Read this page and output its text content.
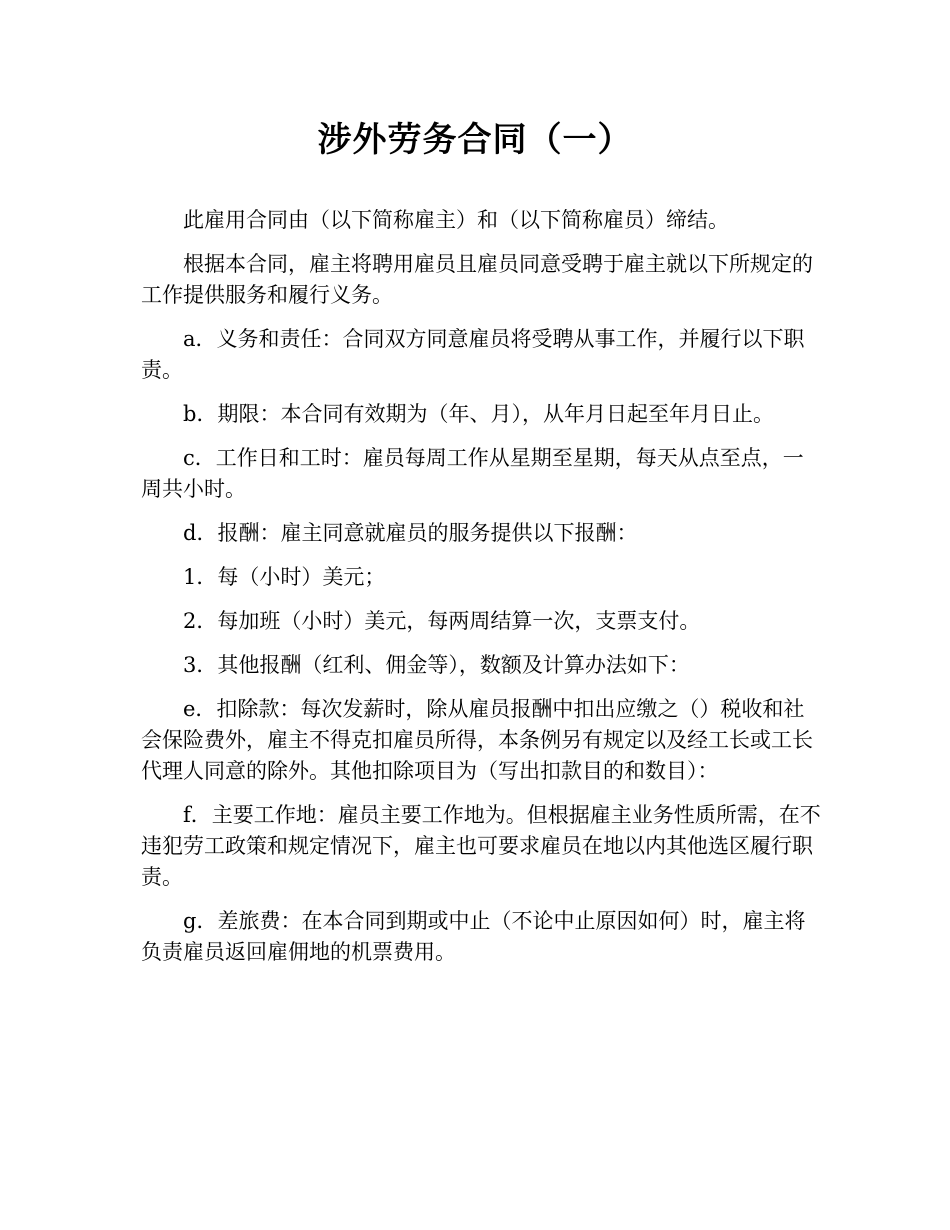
涉外劳务合同（一）

此雇用合同由（以下简称雇主）和（以下简称雇员）缔结。

根据本合同，雇主将聘用雇员且雇员同意受聘于雇主就以下所规定的工作提供服务和履行义务。

a．义务和责任：合同双方同意雇员将受聘从事工作，并履行以下职责。

b．期限：本合同有效期为（年、月），从年月日起至年月日止。

c．工作日和工时：雇员每周工作从星期至星期，每天从点至点，一周共小时。

d．报酬：雇主同意就雇员的服务提供以下报酬：

1．每（小时）美元；

2．每加班（小时）美元，每两周结算一次，支票支付。

3．其他报酬（红利、佣金等），数额及计算办法如下：

e．扣除款：每次发薪时，除从雇员报酬中扣出应缴之（）税收和社会保险费外，雇主不得克扣雇员所得，本条例另有规定以及经工长或工长代理人同意的除外。其他扣除项目为（写出扣款目的和数目）：

f．主要工作地：雇员主要工作地为。但根据雇主业务性质所需，在不违犯劳工政策和规定情况下，雇主也可要求雇员在地以内其他选区履行职责。

g．差旅费：在本合同到期或中止（不论中止原因如何）时，雇主将负责雇员返回雇佣地的机票费用。
